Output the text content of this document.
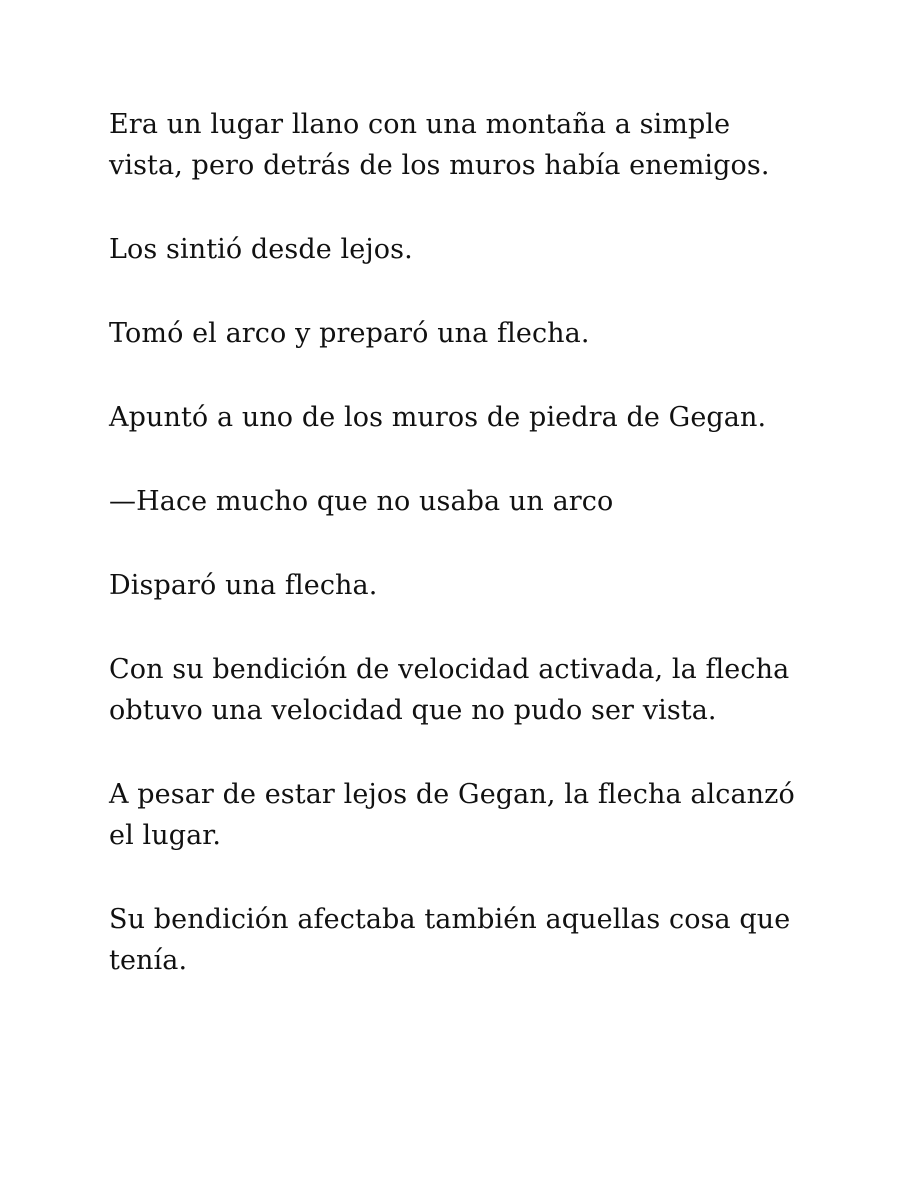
Era un lugar llano con una montaña a simple vista, pero detrás de los muros había enemigos.

Los sintió desde lejos.

Tomó el arco y preparó una flecha.

Apuntó a uno de los muros de piedra de Gegan.

—Hace mucho que no usaba un arco

Disparó una flecha.

Con su bendición de velocidad activada, la flecha obtuvo una velocidad que no pudo ser vista.

A pesar de estar lejos de Gegan, la flecha alcanzó el lugar.

Su bendición afectaba también aquellas cosa que tenía.
